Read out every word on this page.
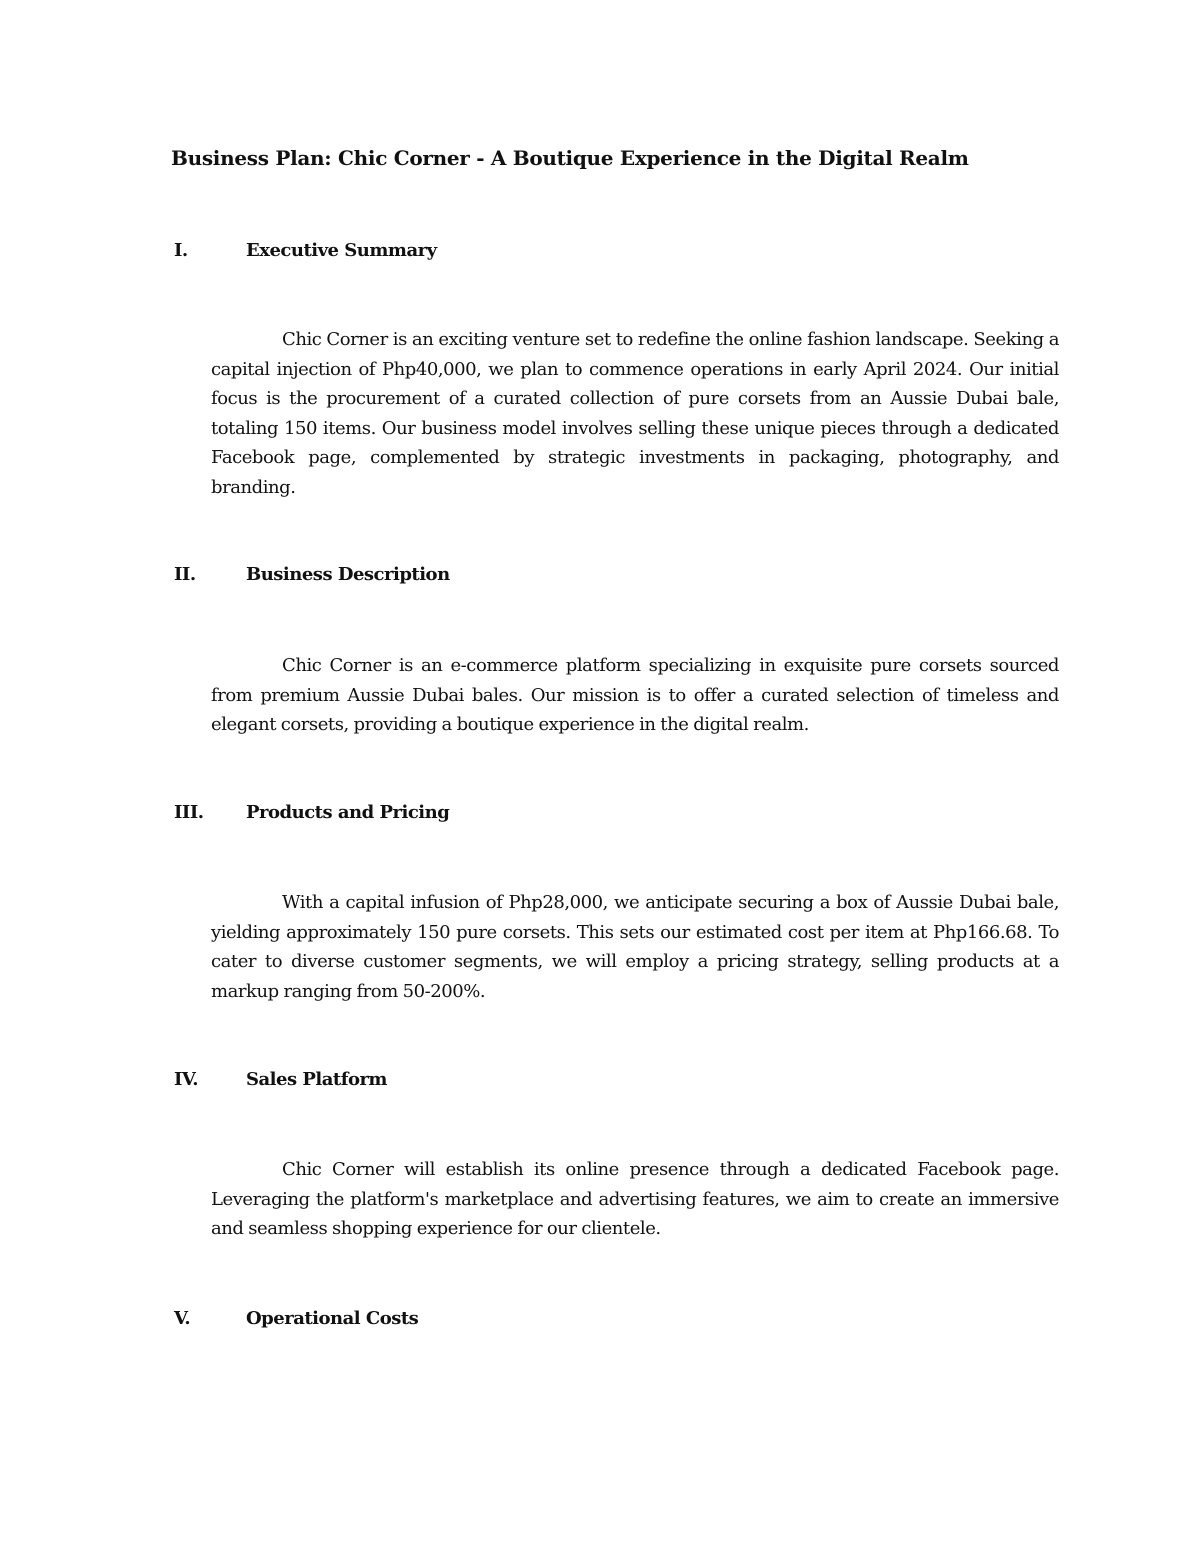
Business Plan: Chic Corner - A Boutique Experience in the Digital Realm
I.	Executive Summary

Chic Corner is an exciting venture set to redefine the online fashion landscape. Seeking a capital injection of Php40,000, we plan to commence operations in early April 2024. Our initial focus is the procurement of a curated collection of pure corsets from an Aussie Dubai bale, totaling 150 items. Our business model involves selling these unique pieces through a dedicated Facebook page, complemented by strategic investments in packaging, photography, and branding.

II.	Business Description

Chic Corner is an e-commerce platform specializing in exquisite pure corsets sourced from premium Aussie Dubai bales. Our mission is to offer a curated selection of timeless and elegant corsets, providing a boutique experience in the digital realm.

III. Products and Pricing

With a capital infusion of Php28,000, we anticipate securing a box of Aussie Dubai bale, yielding approximately 150 pure corsets. This sets our estimated cost per item at Php166.68. To cater to diverse customer segments, we will employ a pricing strategy, selling products at a markup ranging from 50-200%.

IV.	Sales Platform

Chic Corner will establish its online presence through a dedicated Facebook page. Leveraging the platform's marketplace and advertising features, we aim to create an immersive and seamless shopping experience for our clientele.

V.	Operational Costs
